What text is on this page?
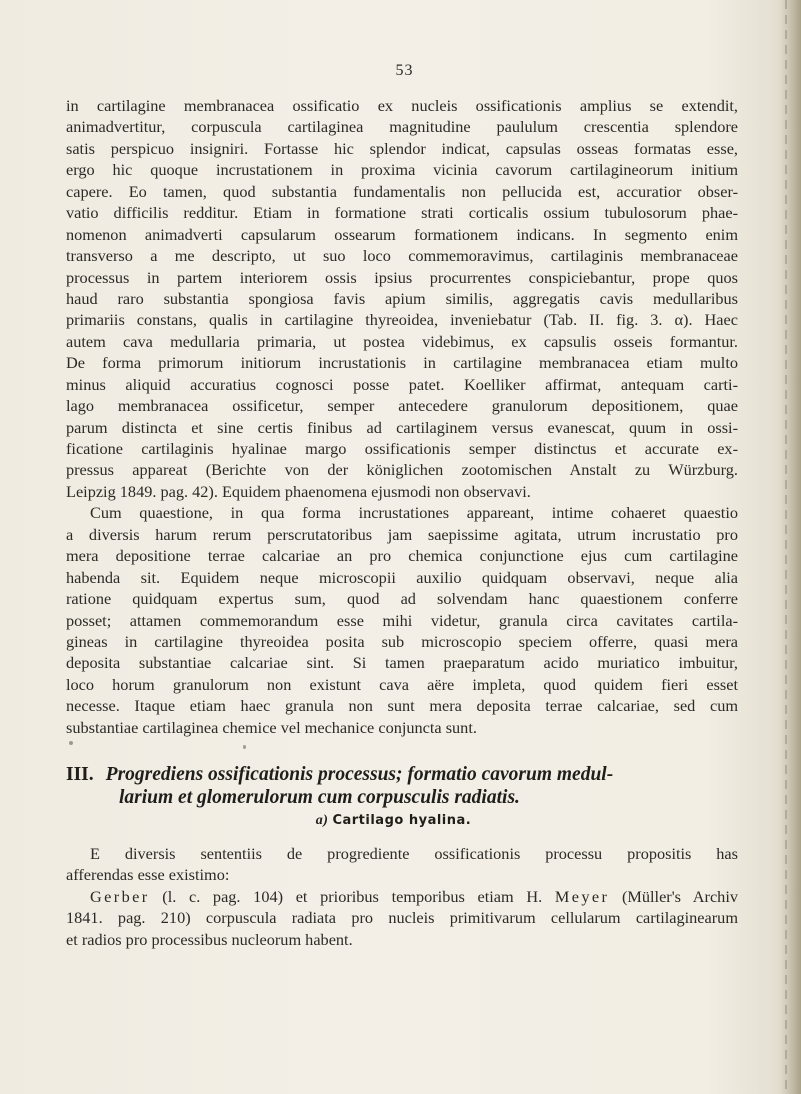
53
in cartilagine membranacea ossificatio ex nucleis ossificationis amplius se extendit,
animadvertitur, corpuscula cartilaginea magnitudine paululum crescentia splendore
satis perspicuo insigniri. Fortasse hic splendor indicat, capsulas osseas formatas esse,
ergo hic quoque incrustationem in proxima vicinia cavorum cartilagineorum initium
capere. Eo tamen, quod substantia fundamentalis non pellucida est, accuratior obser-
vatio difficilis redditur. Etiam in formatione strati corticalis ossium tubulosorum phae-
nomenon animadverti capsularum ossearum formationem indicans. In segmento enim
transverso a me descripto, ut suo loco commemoravimus, cartilaginis membranaceae
processus in partem interiorem ossis ipsius procurrentes conspiciebantur, prope quos
haud raro substantia spongiosa favis apium similis, aggregatis cavis medullaribus
primariis constans, qualis in cartilagine thyreoidea, inveniebatur (Tab. II. fig. 3. α). Haec
autem cava medullaria primaria, ut postea videbimus, ex capsulis osseis formantur.
De forma primorum initiorum incrustationis in cartilagine membranacea etiam multo
minus aliquid accuratius cognosci posse patet. Koelliker affirmat, antequam carti-
lago membranacea ossificetur, semper antecedere granulorum depositionem, quae
parum distincta et sine certis finibus ad cartilaginem versus evanescat, quum in ossi-
ficatione cartilaginis hyalinae margo ossificationis semper distinctus et accurate ex-
pressus appareat (Berichte von der königlichen zootomischen Anstalt zu Würzburg.
Leipzig 1849. pag. 42). Equidem phaenomena ejusmodi non observavi.
Cum quaestione, in qua forma incrustationes appareant, intime cohaeret quaestio
a diversis harum rerum perscrutatoribus jam saepissime agitata, utrum incrustatio pro
mera depositione terrae calcariae an pro chemica conjunctione ejus cum cartilagine
habenda sit. Equidem neque microscopii auxilio quidquam observavi, neque alia
ratione quidquam expertus sum, quod ad solvendam hanc quaestionem conferre
posset; attamen commemorandum esse mihi videtur, granula circa cavitates cartila-
gineas in cartilagine thyreoidea posita sub microscopio speciem offerre, quasi mera
deposita substantiae calcariae sint. Si tamen praeparatum acido muriatico imbuitur,
loco horum granulorum non existunt cava aëre impleta, quod quidem fieri esset
necesse. Itaque etiam haec granula non sunt mera deposita terrae calcariae, sed cum
substantiae cartilaginea chemice vel mechanice conjuncta sunt.
III. Progrediens ossificationis processus; formatio cavorum medul-
larium et glomerulorum cum corpusculis radiatis.
a) Cartilago hyalina.
E diversis sententiis de progrediente ossificationis processu propositis has
afferendas esse existimo:
Gerber (l. c. pag. 104) et prioribus temporibus etiam H. Meyer (Müller's Archiv
1841. pag. 210) corpuscula radiata pro nucleis primitivarum cellularum cartilaginearum
et radios pro processibus nucleorum habent.
